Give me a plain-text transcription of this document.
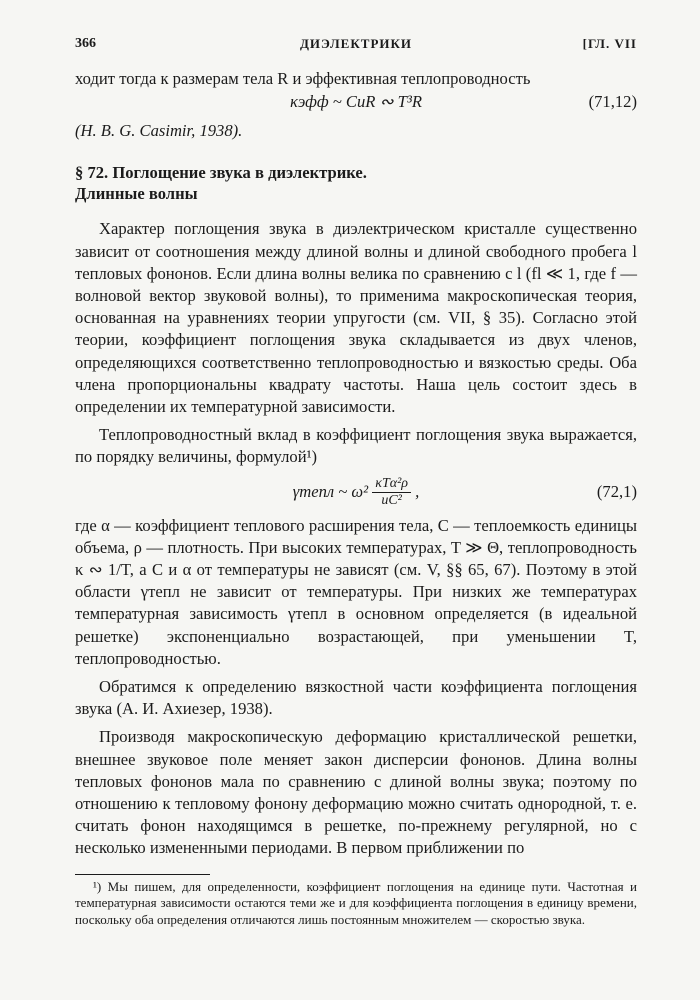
366	ДИЭЛЕКТРИКИ	[ГЛ. VII

ходит тогда к размерам тела R и эффективная теплопроводность

κэфф ~ CuR ∾ T³R	(71,12)

(H. B. G. Casimir, 1938).

§ 72. Поглощение звука в диэлектрике.
Длинные волны

Характер поглощения звука в диэлектрическом кристалле существенно зависит от соотношения между длиной волны и длиной свободного пробега l тепловых фононов. Если длина волны велика по сравнению с l (fl ≪ 1, где f — волновой вектор звуковой волны), то применима макроскопическая теория, основанная на уравнениях теории упругости (см. VII, § 35). Согласно этой теории, коэффициент поглощения звука складывается из двух членов, определяющихся соответственно теплопроводностью и вязкостью среды. Оба члена пропорциональны квадрату частоты. Наша цель состоит здесь в определении их температурной зависимости.

Теплопроводностный вклад в коэффициент поглощения звука выражается, по порядку величины, формулой¹)

γтепл ~ $\omega^2 \frac{\text{κTα²ρ}}{\text{uC²}}$ ,	(72,1)

где α — коэффициент теплового расширения тела, C — теплоемкость единицы объема, ρ — плотность. При высоких температурах, T ≫ Θ, теплопроводность κ ∾ 1/T, а C и α от температуры не зависят (см. V, §§ 65, 67). Поэтому в этой области γтепл не зависит от температуры. При низких же температурах температурная зависимость γтепл в основном определяется (в идеальной решетке) экспоненциально возрастающей, при уменьшении T, теплопроводностью.

Обратимся к определению вязкостной части коэффициента поглощения звука (А. И. Ахиезер, 1938).

Производя макроскопическую деформацию кристаллической решетки, внешнее звуковое поле меняет закон дисперсии фононов. Длина волны тепловых фононов мала по сравнению с длиной волны звука; поэтому по отношению к тепловому фонону деформацию можно считать однородной, т. е. считать фонон находящимся в решетке, по-прежнему регулярной, но с несколько измененными периодами. В первом приближении по

¹) Мы пишем, для определенности, коэффициент поглощения на единице пути. Частотная и температурная зависимости остаются теми же и для коэффициента поглощения в единицу времени, поскольку оба определения отличаются лишь постоянным множителем — скоростью звука.
